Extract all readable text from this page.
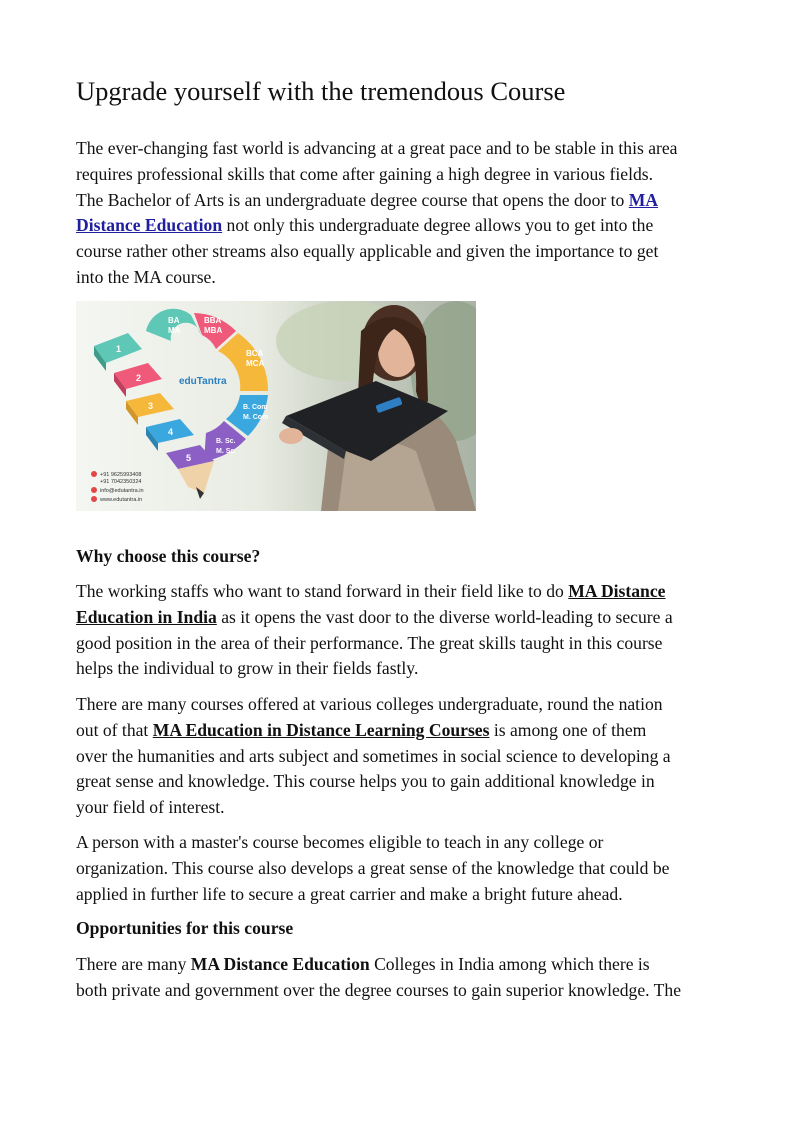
Upgrade yourself with the tremendous Course
The ever-changing fast world is advancing at a great pace and to be stable in this area
requires professional skills that come after gaining a high degree in various fields.
The Bachelor of Arts is an undergraduate degree course that opens the door to MA
Distance Education not only this undergraduate degree allows you to get into the
course rather other streams also equally applicable and given the importance to get
into the MA course.
1
2
3
4
5
BA
MA
BBA
MBA
BCA
MCA
B. Com
M. Com
B. Sc.
M. Sc.
eduTantra
+91 9625993408
+91 7042350324
info@edutantra.in
www.edutantra.in

Why choose this course?

The working staffs who want to stand forward in their field like to do MA Distance
Education in India as it opens the vast door to the diverse world-leading to secure a
good position in the area of their performance. The great skills taught in this course
helps the individual to grow in their fields fastly.
There are many courses offered at various colleges undergraduate, round the nation
out of that MA Education in Distance Learning Courses is among one of them
over the humanities and arts subject and sometimes in social science to developing a
great sense and knowledge. This course helps you to gain additional knowledge in
your field of interest.
A person with a master's course becomes eligible to teach in any college or
organization. This course also develops a great sense of the knowledge that could be
applied in further life to secure a great carrier and make a bright future ahead.

Opportunities for this course

There are many MA Distance Education Colleges in India among which there is
both private and government over the degree courses to gain superior knowledge. The
